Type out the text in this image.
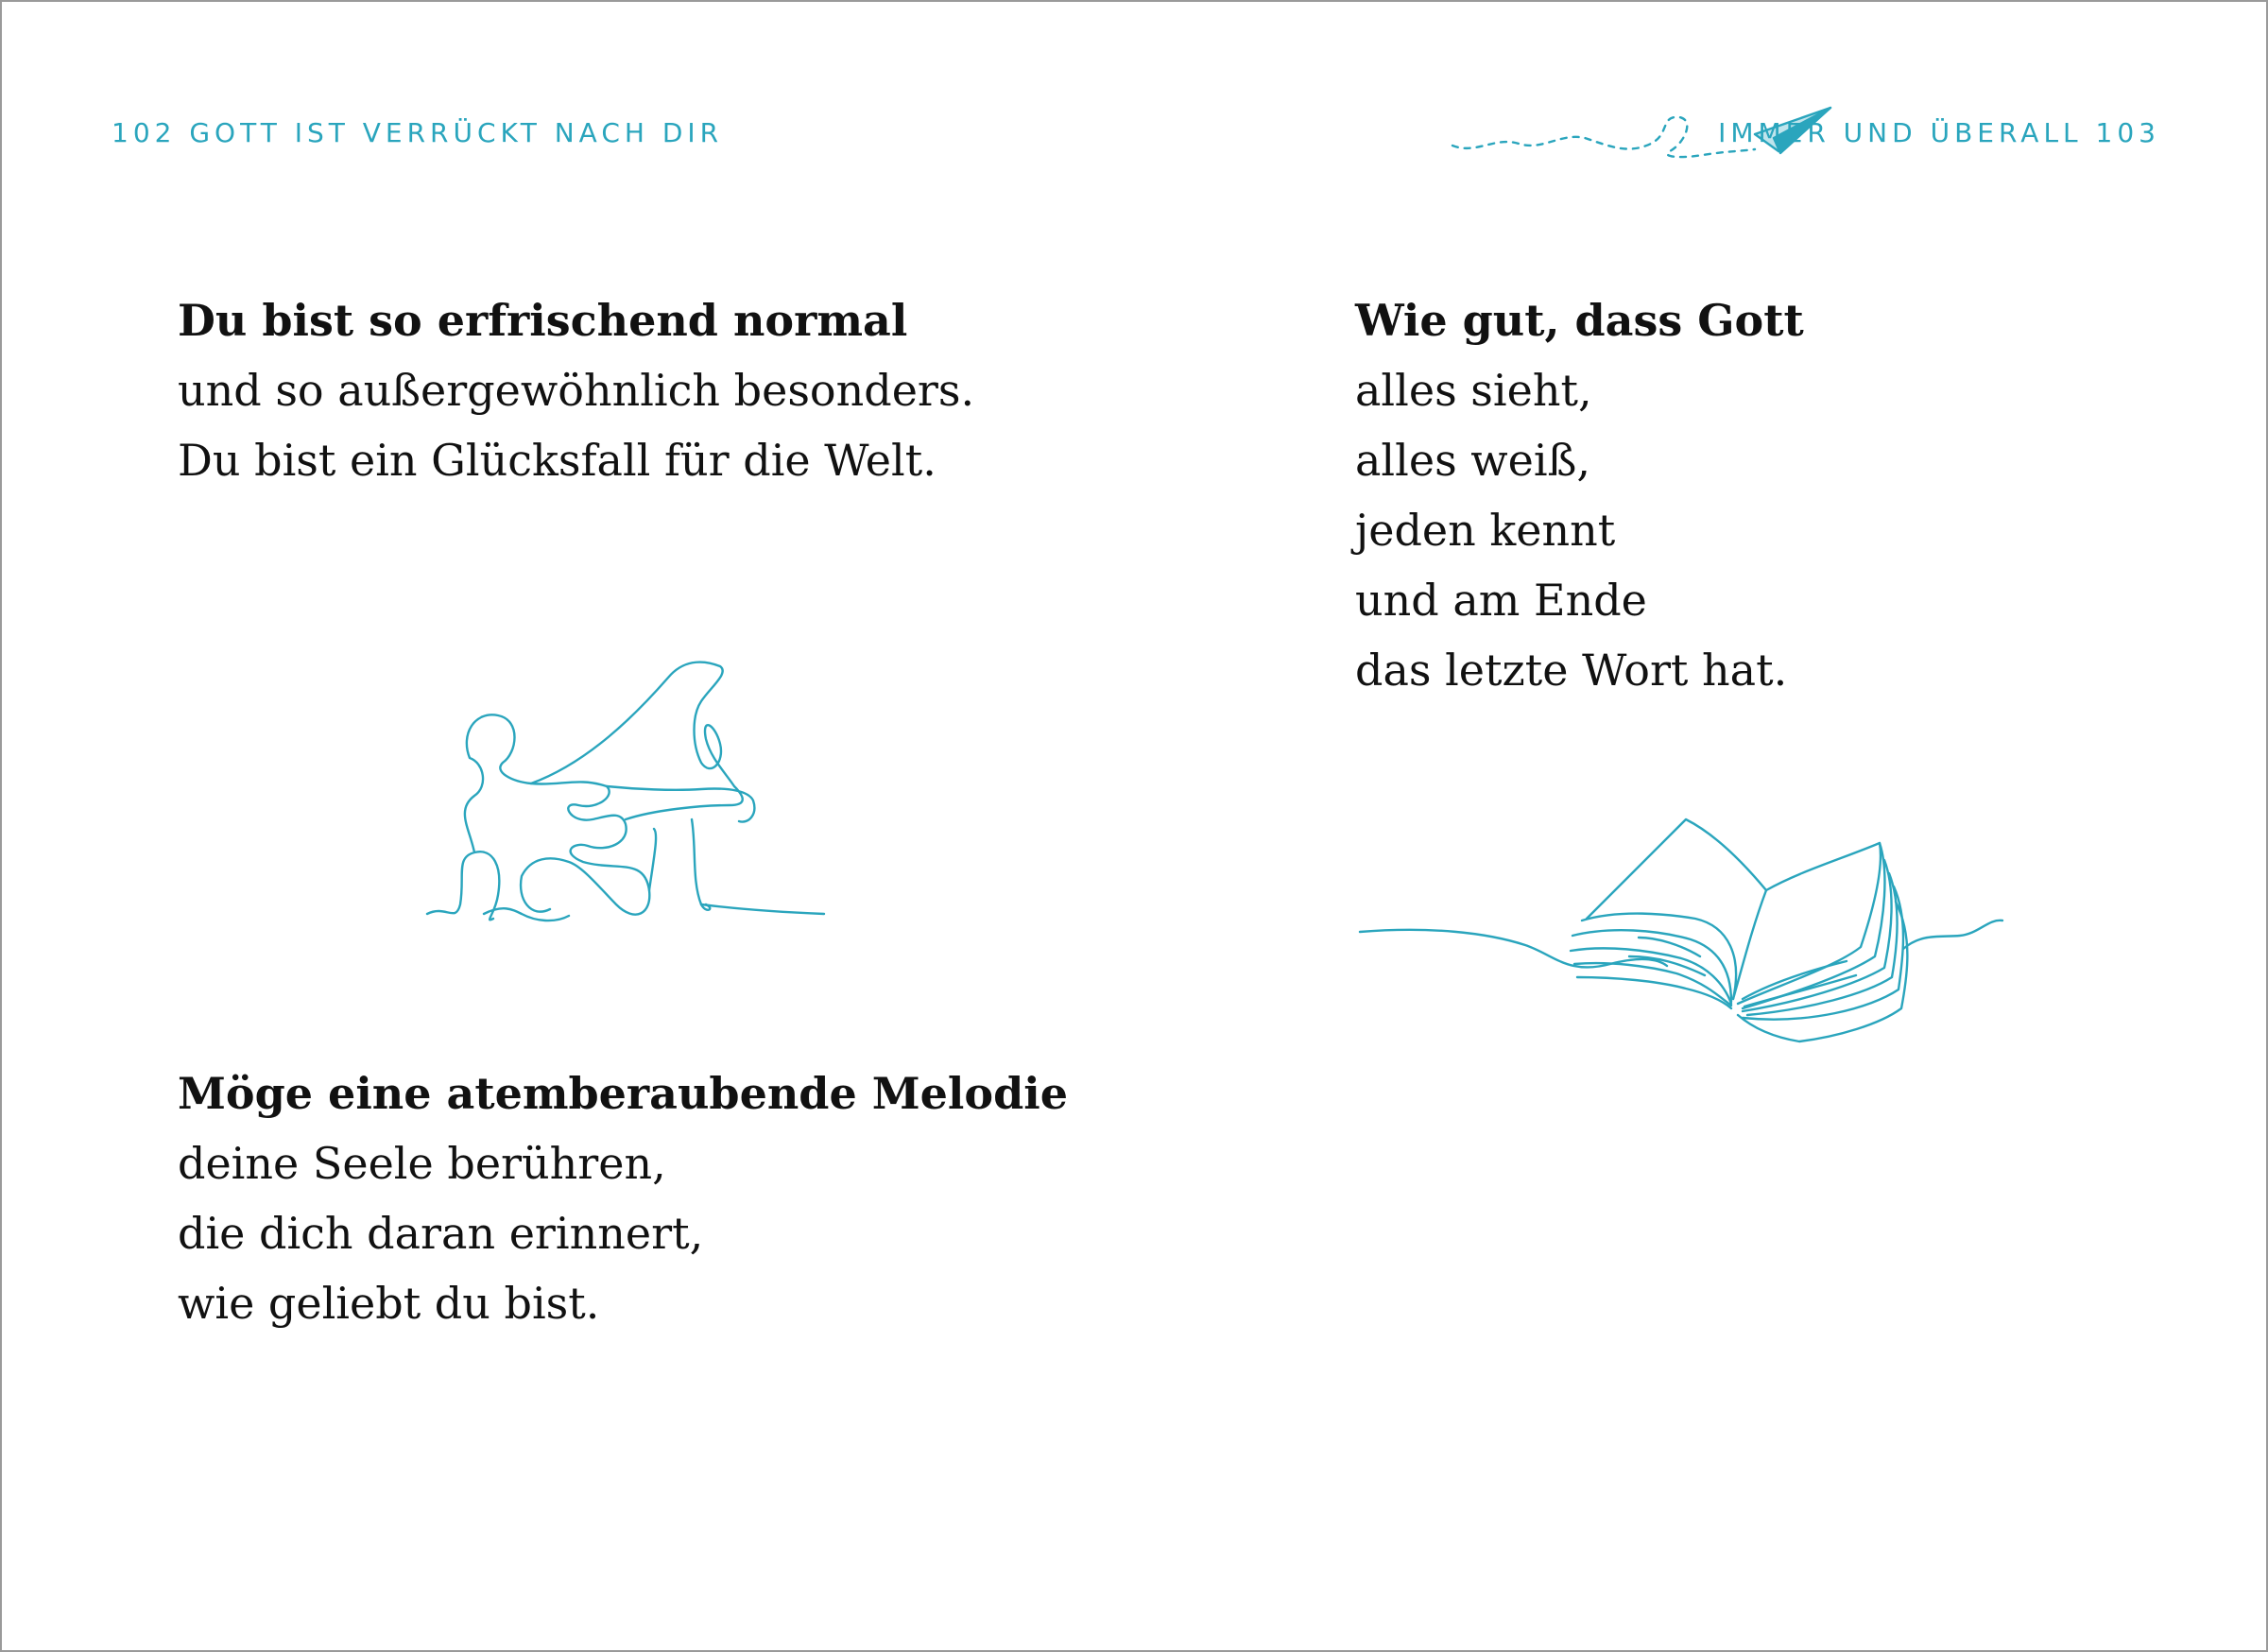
102 GOTT IST VERRÜCKT NACH DIR

Du bist so erfrischend normal

und so außergewöhnlich besonders.

Du bist ein Glücksfall für die Welt.

Möge eine atemberaubende Melodie

deine Seele berühren,

die dich daran erinnert,

wie geliebt du bist.

IMMER UND ÜBERALL 103

Wie gut, dass Gott

alles sieht,

alles weiß,

jeden kennt

und am Ende

das letzte Wort hat.
